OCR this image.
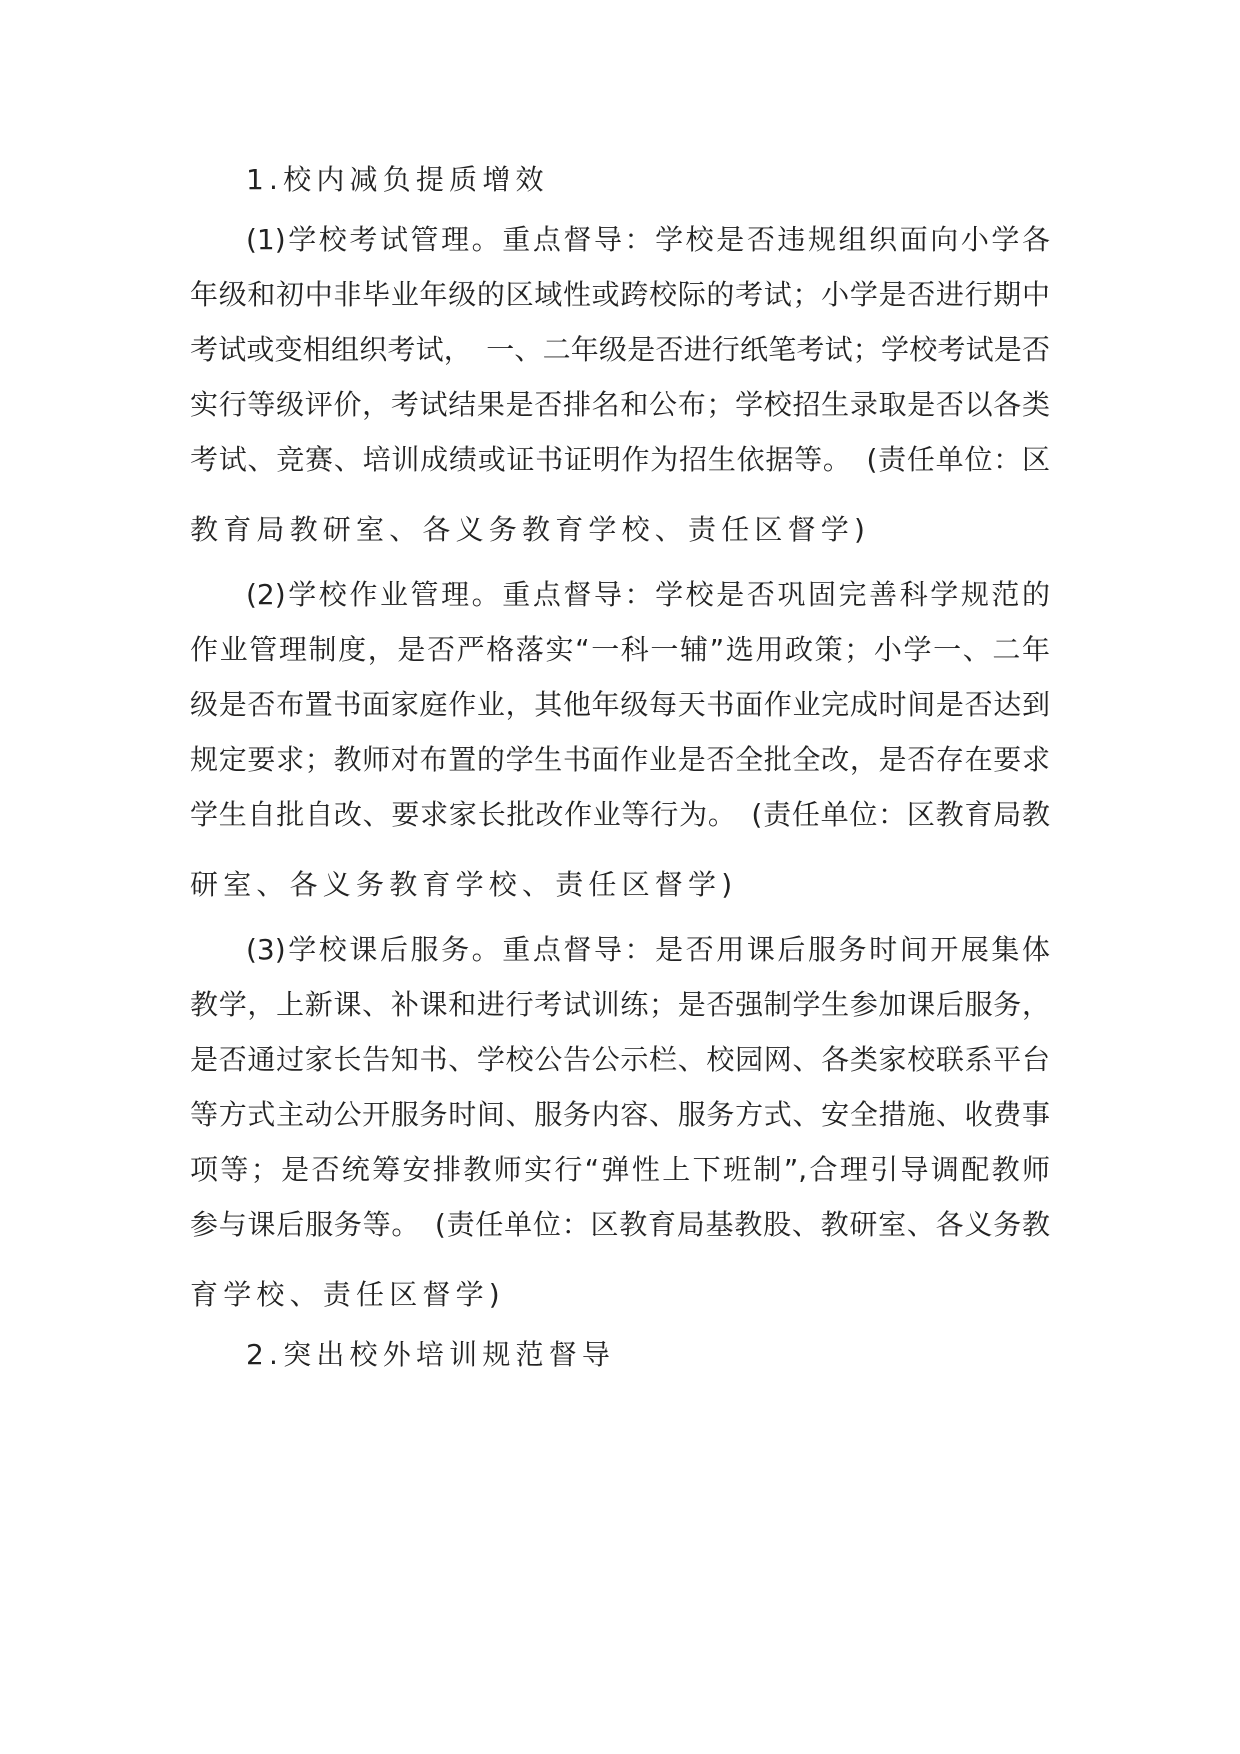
1.校内减负提质增效
(1)学校考试管理。重点督导：学校是否违规组织面向小学各
年级和初中非毕业年级的区域性或跨校际的考试；小学是否进行期中
考试或变相组织考试，　一、二年级是否进行纸笔考试；学校考试是否
实行等级评价，考试结果是否排名和公布；学校招生录取是否以各类
考试、竞赛、培训成绩或证书证明作为招生依据等。　(责任单位：区
教育局教研室、各义务教育学校、责任区督学)
(2)学校作业管理。重点督导：学校是否巩固完善科学规范的
作业管理制度，是否严格落实“一科一辅”选用政策；小学一、二年
级是否布置书面家庭作业，其他年级每天书面作业完成时间是否达到
规定要求；教师对布置的学生书面作业是否全批全改，是否存在要求
学生自批自改、要求家长批改作业等行为。　(责任单位：区教育局教
研室、各义务教育学校、责任区督学)
(3)学校课后服务。重点督导：是否用课后服务时间开展集体
教学，上新课、补课和进行考试训练；是否强制学生参加课后服务，
是否通过家长告知书、学校公告公示栏、校园网、各类家校联系平台
等方式主动公开服务时间、服务内容、服务方式、安全措施、收费事
项等；是否统筹安排教师实行“弹性上下班制”,合理引导调配教师
参与课后服务等。　(责任单位：区教育局基教股、教研室、各义务教
育学校、责任区督学)
2.突出校外培训规范督导
